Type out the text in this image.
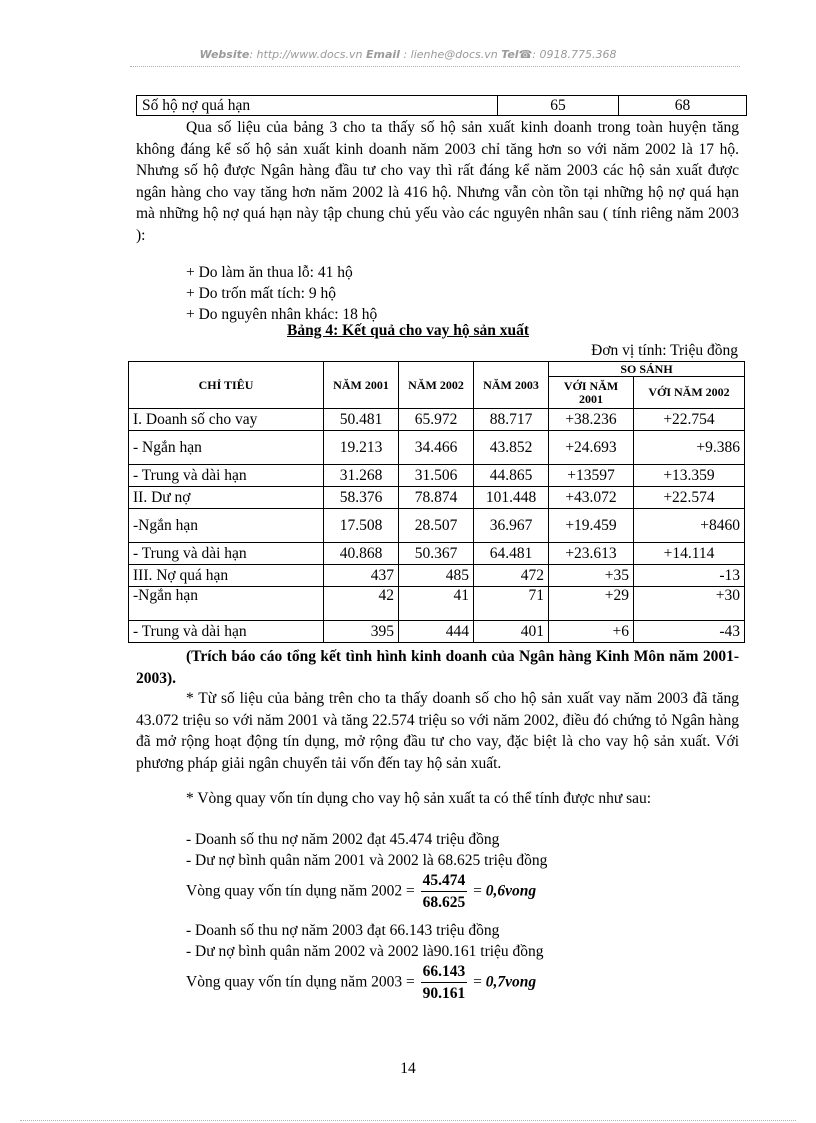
Website: http://www.docs.vn Email : lienhe@docs.vn Tel☎: 0918.775.368
Số hộ nợ quá hạn	65	68
Qua số liệu của bảng 3 cho ta thấy số hộ sản xuất kinh doanh trong toàn huyện tăng không đáng kể số hộ sản xuất kinh doanh năm 2003 chỉ tăng hơn so với năm 2002 là 17 hộ. Nhưng số hộ được Ngân hàng đầu tư cho vay thì rất đáng kể năm 2003 các hộ sản xuất được ngân hàng cho vay tăng hơn năm 2002 là 416 hộ. Nhưng vẫn còn tồn tại những hộ nợ quá hạn mà những hộ nợ quá hạn này tập chung chủ yếu vào các nguyên nhân sau ( tính riêng năm 2003 ):
+ Do làm ăn thua lỗ: 41 hộ
+ Do trốn mất tích: 9 hộ
+ Do nguyên nhân khác: 18 hộ
Bảng 4: Kết quả cho vay hộ sản xuất
Đơn vị tính: Triệu đồng
CHỈ TIÊU	NĂM 2001	NĂM 2002	NĂM 2003	SO SÁNH	
				VỚI NĂM 2001	VỚI NĂM 2002
I. Doanh số cho vay	50.481	65.972	88.717	+38.236	+22.754
- Ngắn hạn	19.213	34.466	43.852	+24.693	+9.386
- Trung và dài hạn	31.268	31.506	44.865	+13597	+13.359
II. Dư nợ	58.376	78.874	101.448	+43.072	+22.574
-Ngắn hạn	17.508	28.507	36.967	+19.459	+8460
- Trung và dài hạn	40.868	50.367	64.481	+23.613	+14.114
III. Nợ quá hạn	437	485	472	+35	-13
-Ngắn hạn	42	41	71	+29	+30
- Trung và dài hạn	395	444	401	+6	-43
(Trích báo cáo tổng kết tình hình kinh doanh của Ngân hàng Kinh Môn năm 2001-2003).
* Từ số liệu của bảng trên cho ta thấy doanh số cho hộ sản xuất vay năm 2003 đã tăng 43.072 triệu so với năm 2001 và tăng 22.574 triệu so với năm 2002, điều đó chứng tỏ Ngân hàng đã mở rộng hoạt động tín dụng, mở rộng đầu tư cho vay, đặc biệt là cho vay hộ sản xuất. Với phương pháp giải ngân chuyển tải vốn đến tay hộ sản xuất.
* Vòng quay vốn tín dụng cho vay hộ sản xuất ta có thể tính được như sau:
- Doanh số thu nợ năm 2002 đạt 45.474 triệu đồng
- Dư nợ bình quân năm 2001 và 2002 là 68.625 triệu đồng
Vòng quay vốn tín dụng năm $2002 = \frac{45.474}{68.625}$ = 0,6vong
- Doanh số thu nợ năm 2003 đạt 66.143 triệu đồng
- Dư nợ bình quân năm 2002 và 2002 là90.161 triệu đồng
Vòng quay vốn tín dụng năm $2003 = \frac{66.143}{90.161}$ = 0,7vong
14
